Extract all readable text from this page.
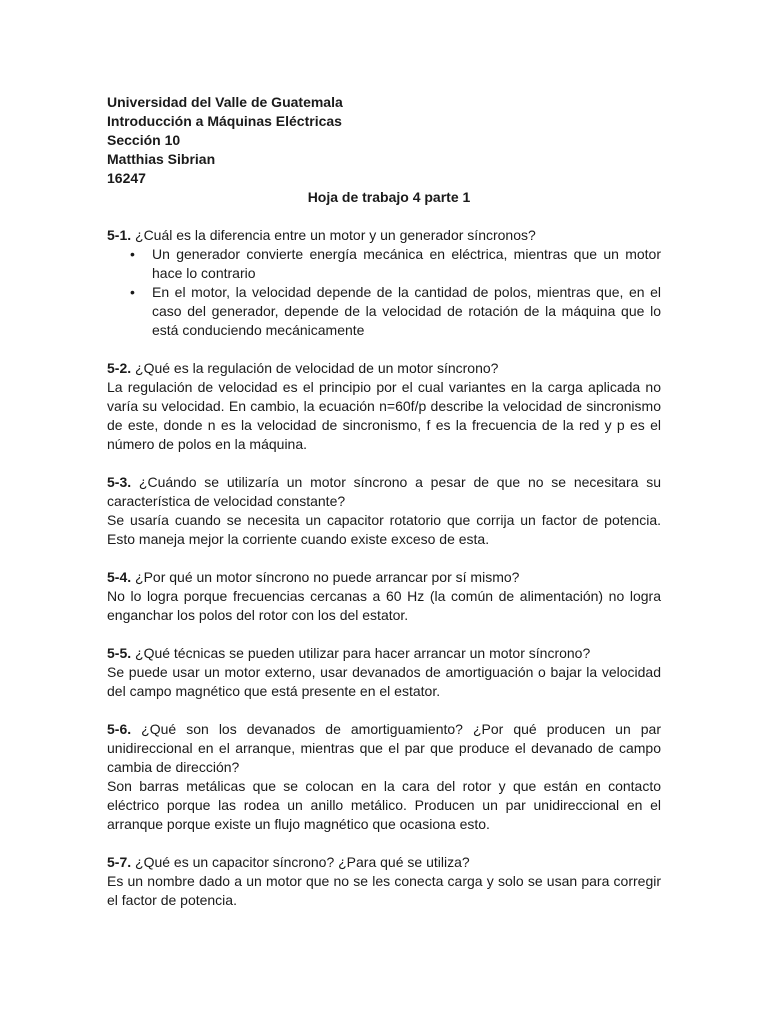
Universidad del Valle de Guatemala

Introducción a Máquinas Eléctricas

Sección 10

Matthias Sibrian

16247

Hoja de trabajo 4 parte 1

5-1. ¿Cuál es la diferencia entre un motor y un generador síncronos?

• Un generador convierte energía mecánica en eléctrica, mientras que un motor hace lo contrario
• En el motor, la velocidad depende de la cantidad de polos, mientras que, en el caso del generador, depende de la velocidad de rotación de la máquina que lo está conduciendo mecánicamente

5-2. ¿Qué es la regulación de velocidad de un motor síncrono?

La regulación de velocidad es el principio por el cual variantes en la carga aplicada no varía su velocidad. En cambio, la ecuación n=60f/p describe la velocidad de sincronismo de este, donde n es la velocidad de sincronismo, f es la frecuencia de la red y p es el número de polos en la máquina.

5-3. ¿Cuándo se utilizaría un motor síncrono a pesar de que no se necesitara su característica de velocidad constante?

Se usaría cuando se necesita un capacitor rotatorio que corrija un factor de potencia. Esto maneja mejor la corriente cuando existe exceso de esta.

5-4. ¿Por qué un motor síncrono no puede arrancar por sí mismo?

No lo logra porque frecuencias cercanas a 60 Hz (la común de alimentación) no logra enganchar los polos del rotor con los del estator.

5-5. ¿Qué técnicas se pueden utilizar para hacer arrancar un motor síncrono?

Se puede usar un motor externo, usar devanados de amortiguación o bajar la velocidad del campo magnético que está presente en el estator.

5-6. ¿Qué son los devanados de amortiguamiento? ¿Por qué producen un par unidireccional en el arranque, mientras que el par que produce el devanado de campo cambia de dirección?

Son barras metálicas que se colocan en la cara del rotor y que están en contacto eléctrico porque las rodea un anillo metálico. Producen un par unidireccional en el arranque porque existe un flujo magnético que ocasiona esto.

5-7. ¿Qué es un capacitor síncrono? ¿Para qué se utiliza?

Es un nombre dado a un motor que no se les conecta carga y solo se usan para corregir el factor de potencia.
